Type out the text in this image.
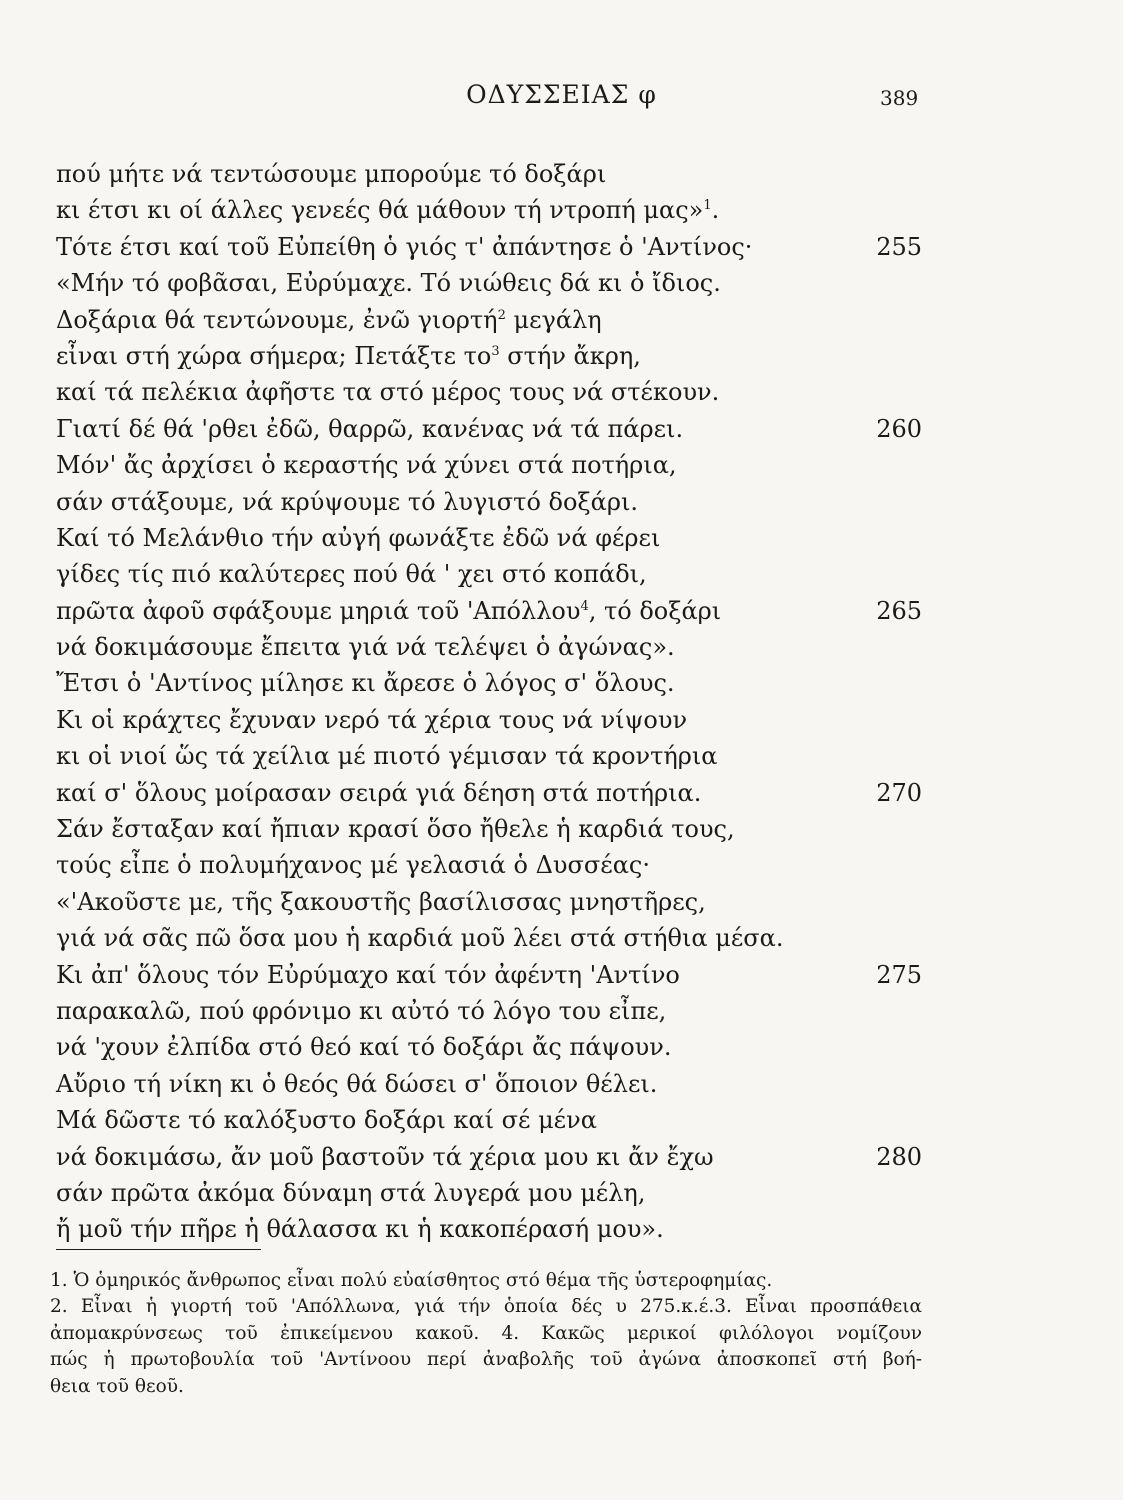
ΟΔΥΣΣΕΙΑΣ φ	389
πού μήτε νά τεντώσουμε μπορούμε τό δοξάρι
κι έτσι κι οί άλλες γενεές θά μάθουν τή ντροπή μας»$^1$.
Τότε έτσι καί τοῦ Εὐπείθη ὁ γιός τ' ἀπάντησε ὁ 'Αντίνος·	255
«Μήν τό φοβᾶσαι, Εὐρύμαχε. Τό νιώθεις δά κι ὁ ἴδιος.
Δοξάρια θά τεντώνουμε, ἐνῶ γιορτή$^2$ μεγάλη
εἶναι στή χώρα σήμερα; Πετάξτε $\tau o^3$ στήν ἄκρη,
καί τά πελέκια ἀφῆστε τα στό μέρος τους νά στέκουν.
Γιατί δέ θά 'ρθει ἐδῶ, θαρρῶ, κανένας νά τά πάρει.	260
Μόν' ἄς ἀρχίσει ὁ κεραστής νά χύνει στά ποτήρια,
σάν στάξουμε, νά κρύψουμε τό λυγιστό δοξάρι.
Καί τό Μελάνθιο τήν αὐγή φωνάξτε ἐδῶ νά φέρει
γίδες τίς πιό καλύτερες πού θά ' χει στό κοπάδι,
πρῶτα ἀφοῦ σφάξουμε μηριά τοῦ 'Απόλλου$^4$, τό δοξάρι	265
νά δοκιμάσουμε ἔπειτα γιά νά τελέψει ὁ ἀγώνας».
Ἔτσι ὁ 'Αντίνος μίλησε κι ἄρεσε ὁ λόγος σ' ὅλους.
Κι οἱ κράχτες ἔχυναν νερό τά χέρια τους νά νίψουν
κι οἱ νιοί ὥς τά χείλια μέ πιοτό γέμισαν τά κροντήρια
καί σ' ὅλους μοίρασαν σειρά γιά δέηση στά ποτήρια.	270
Σάν ἔσταξαν καί ἤπιαν κρασί ὅσο ἤθελε ἡ καρδιά τους,
τούς εἶπε ὁ πολυμήχανος μέ γελασιά ὁ Δυσσέας·
«'Ακοῦστε με, τῆς ξακουστῆς βασίλισσας μνηστῆρες,
γιά νά σᾶς πῶ ὅσα μου ἡ καρδιά μοῦ λέει στά στήθια μέσα.
Κι ἀπ' ὅλους τόν Εὐρύμαχο καί τόν ἀφέντη 'Αντίνο	275
παρακαλῶ, πού φρόνιμο κι αὐτό τό λόγο του εἶπε,
νά 'χουν ἐλπίδα στό θεό καί τό δοξάρι ἄς πάψουν.
Αὔριο τή νίκη κι ὁ θεός θά δώσει σ' ὅποιον θέλει.
Μά δῶστε τό καλόξυστο δοξάρι καί σέ μένα
νά δοκιμάσω, ἄν μοῦ βαστοῦν τά χέρια μου κι ἄν ἔχω	280
σάν πρῶτα ἀκόμα δύναμη στά λυγερά μου μέλη,
ἤ μοῦ τήν πῆρε ἡ θάλασσα κι ἡ κακοπέρασή μου».
1. Ὁ ὁμηρικός ἄνθρωπος εἶναι πολύ εὐαίσθητος στό θέμα τῆς ὑστεροφημίας.
2. Εἶναι ἡ γιορτή τοῦ 'Απόλλωνα, γιά τήν ὁποία δές υ 275.κ.έ.3. Εἶναι προσπάθεια
ἀπομακρύνσεως τοῦ ἐπικείμενου κακοῦ. 4. Κακῶς μερικοί φιλόλογοι νομίζουν
πώς ἡ πρωτοβουλία τοῦ 'Αντίνοου περί ἀναβολῆς τοῦ ἀγώνα ἀποσκοπεῖ στή βοή-
θεια τοῦ θεοῦ.
